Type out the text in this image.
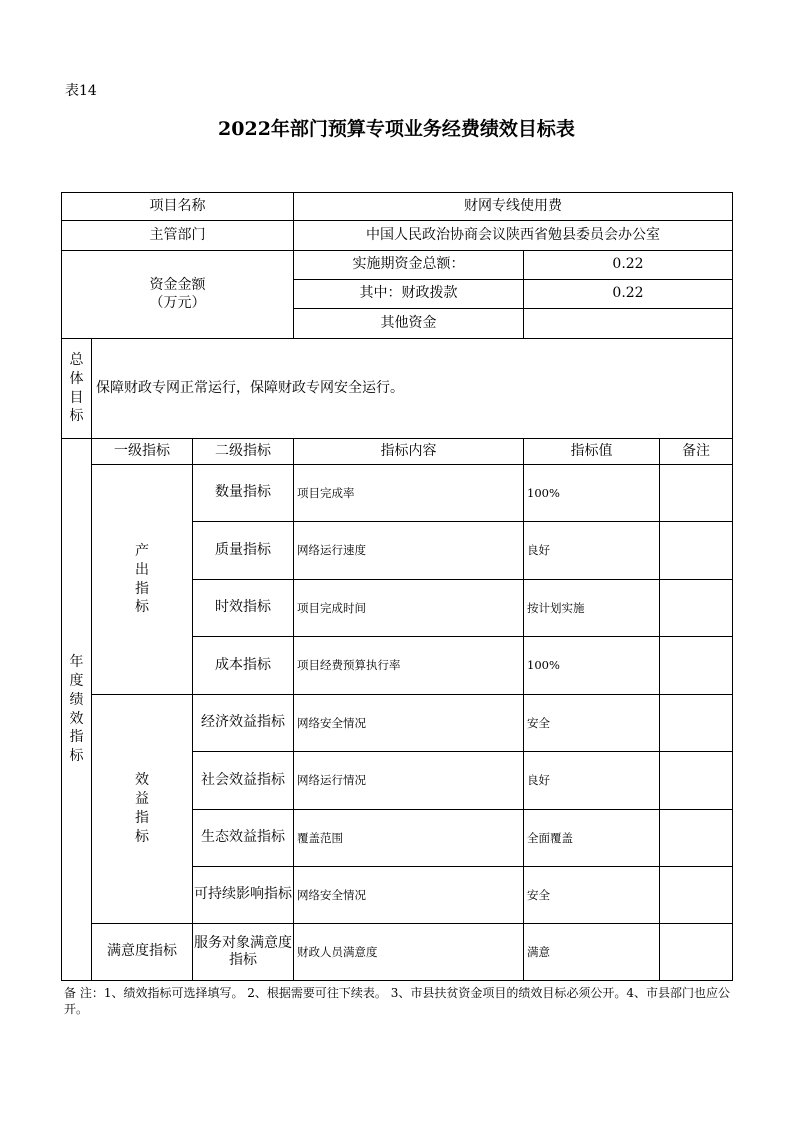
表14
2022年部门预算专项业务经费绩效目标表
项目名称			财网专线使用费		
主管部门			中国人民政治协商会议陕西省勉县委员会办公室		

资金金额
（万元）			实施期资金总额：	0.22	
			其中：财政拨款	0.22	
			其他资金		
总体目标	保障财政专网正常运行，保障财政专网安全运行。				
年度绩效指标	一级指标	二级指标	指标内容	指标值	备注
	产出指标	数量指标	项目完成率	100%	
		质量指标	网络运行速度	良好	
		时效指标	项目完成时间	按计划实施	
		成本指标	项目经费预算执行率	100%	
	效益指标	经济效益指标	网络安全情况	安全	
		社会效益指标	网络运行情况	良好	
		生态效益指标	覆盖范围	全面覆盖	
		可持续影响指标	网络安全情况	安全	
	满意度指标	服务对象满意度指标	财政人员满意度	满意	
备 注：1、绩效指标可选择填写。 2、根据需要可往下续表。 3、市县扶贫资金项目的绩效目标必须公开。4、市县部门也应公开。
